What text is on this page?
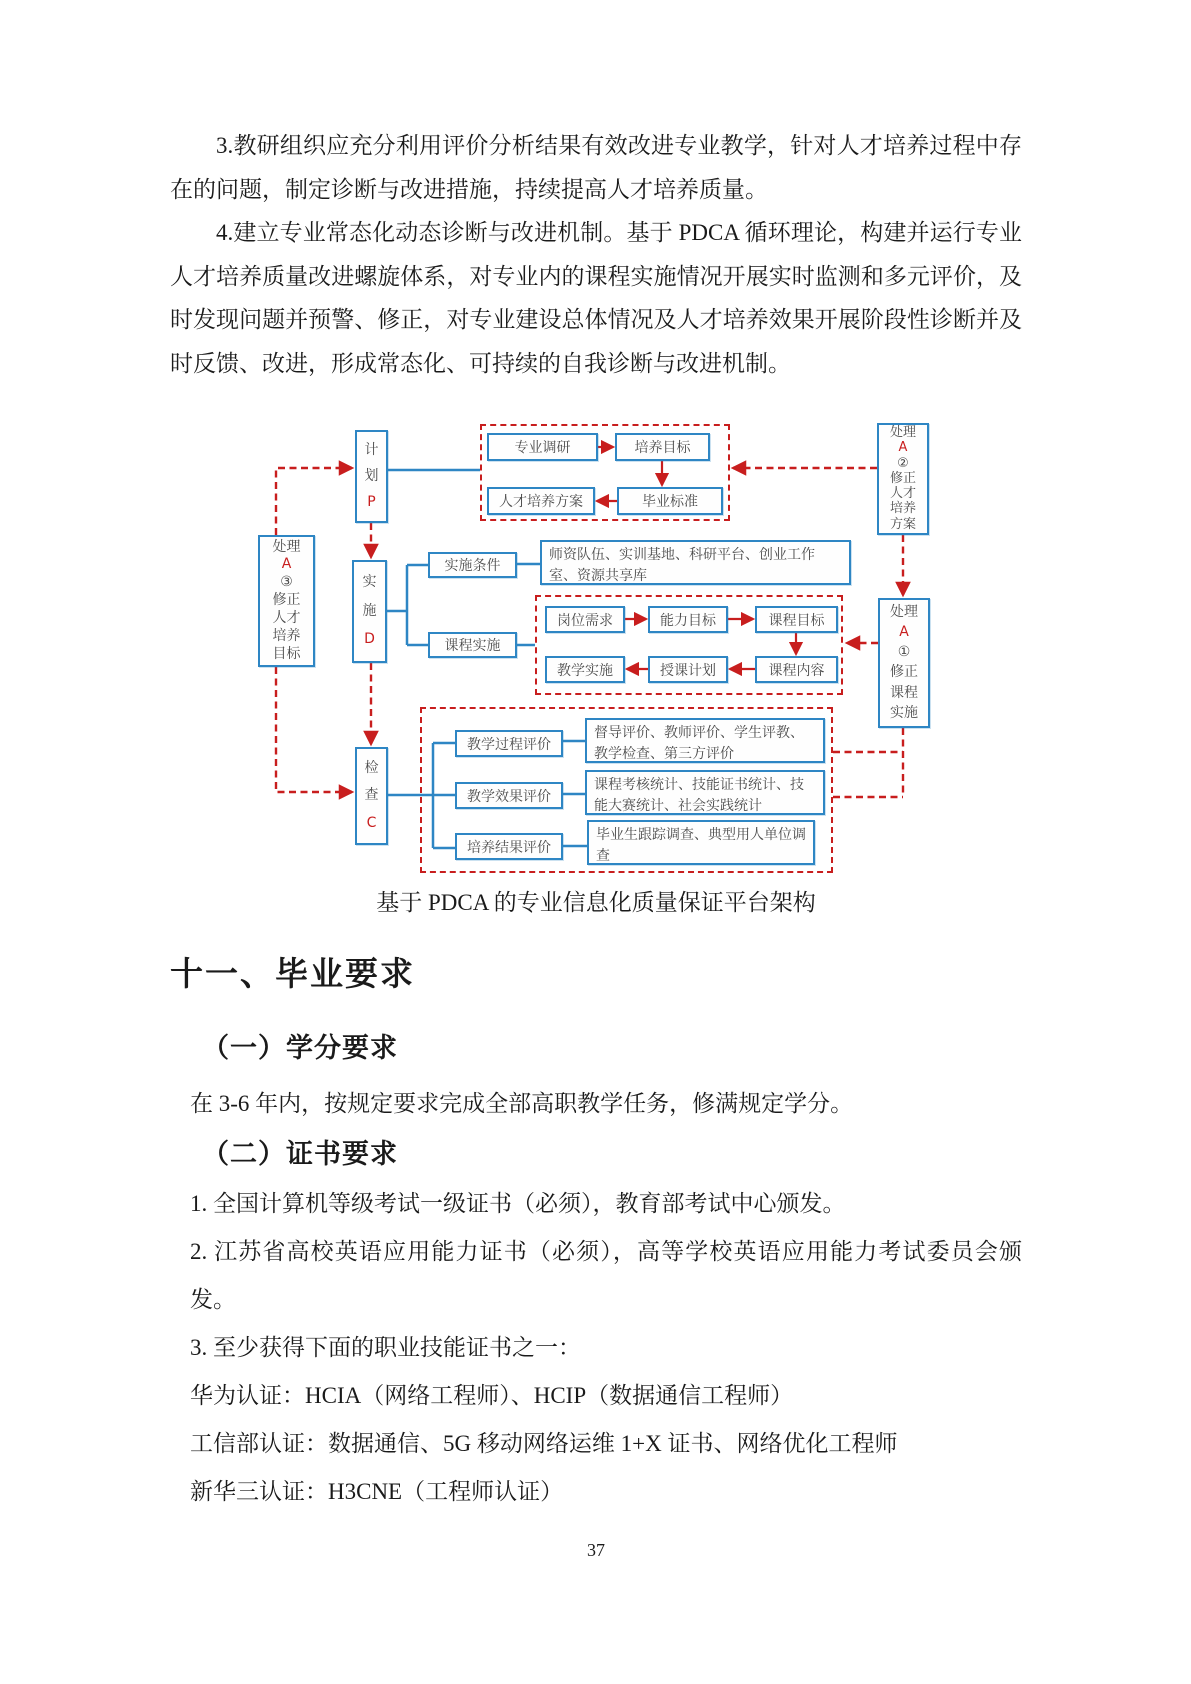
3.教研组织应充分利用评价分析结果有效改进专业教学，针对人才培养过程中存在的问题，制定诊断与改进措施，持续提高人才培养质量。

4.建立专业常态化动态诊断与改进机制。基于 PDCA 循环理论，构建并运行专业人才培养质量改进螺旋体系，对专业内的课程实施情况开展实时监测和多元评价，及时发现问题并预警、修正，对专业建设总体情况及人才培养效果开展阶段性诊断并及时反馈、改进，形成常态化、可持续的自我诊断与改进机制。

计
划
P
实
施
D
检
查
C
处理
A
②
修正
人才
培养
方案
处理
A
③
修正
人才
培养
目标
处理
A
①
修正
课程
实施
专业调研	培养目标
人才培养方案	毕业标准
实施条件
课程实施
师资队伍、实训基地、科研平台、创业工作室、资源共享库
岗位需求	能力目标	课程目标
教学实施	授课计划	课程内容
教学过程评价
教学效果评价
培养结果评价
督导评价、教师评价、学生评教、教学检查、第三方评价
课程考核统计、技能证书统计、技能大赛统计、社会实践统计
毕业生跟踪调查、典型用人单位调查
基于 PDCA 的专业信息化质量保证平台架构
十一、毕业要求
（一）学分要求
在 3-6 年内，按规定要求完成全部高职教学任务，修满规定学分。
（二）证书要求

1. 全国计算机等级考试一级证书（必须），教育部考试中心颁发。

2. 江苏省高校英语应用能力证书（必须），高等学校英语应用能力考试委员会颁发。

3. 至少获得下面的职业技能证书之一：

华为认证：HCIA（网络工程师）、HCIP（数据通信工程师）

工信部认证：数据通信、5G 移动网络运维 1+X 证书、网络优化工程师

新华三认证：H3CNE（工程师认证）

37
